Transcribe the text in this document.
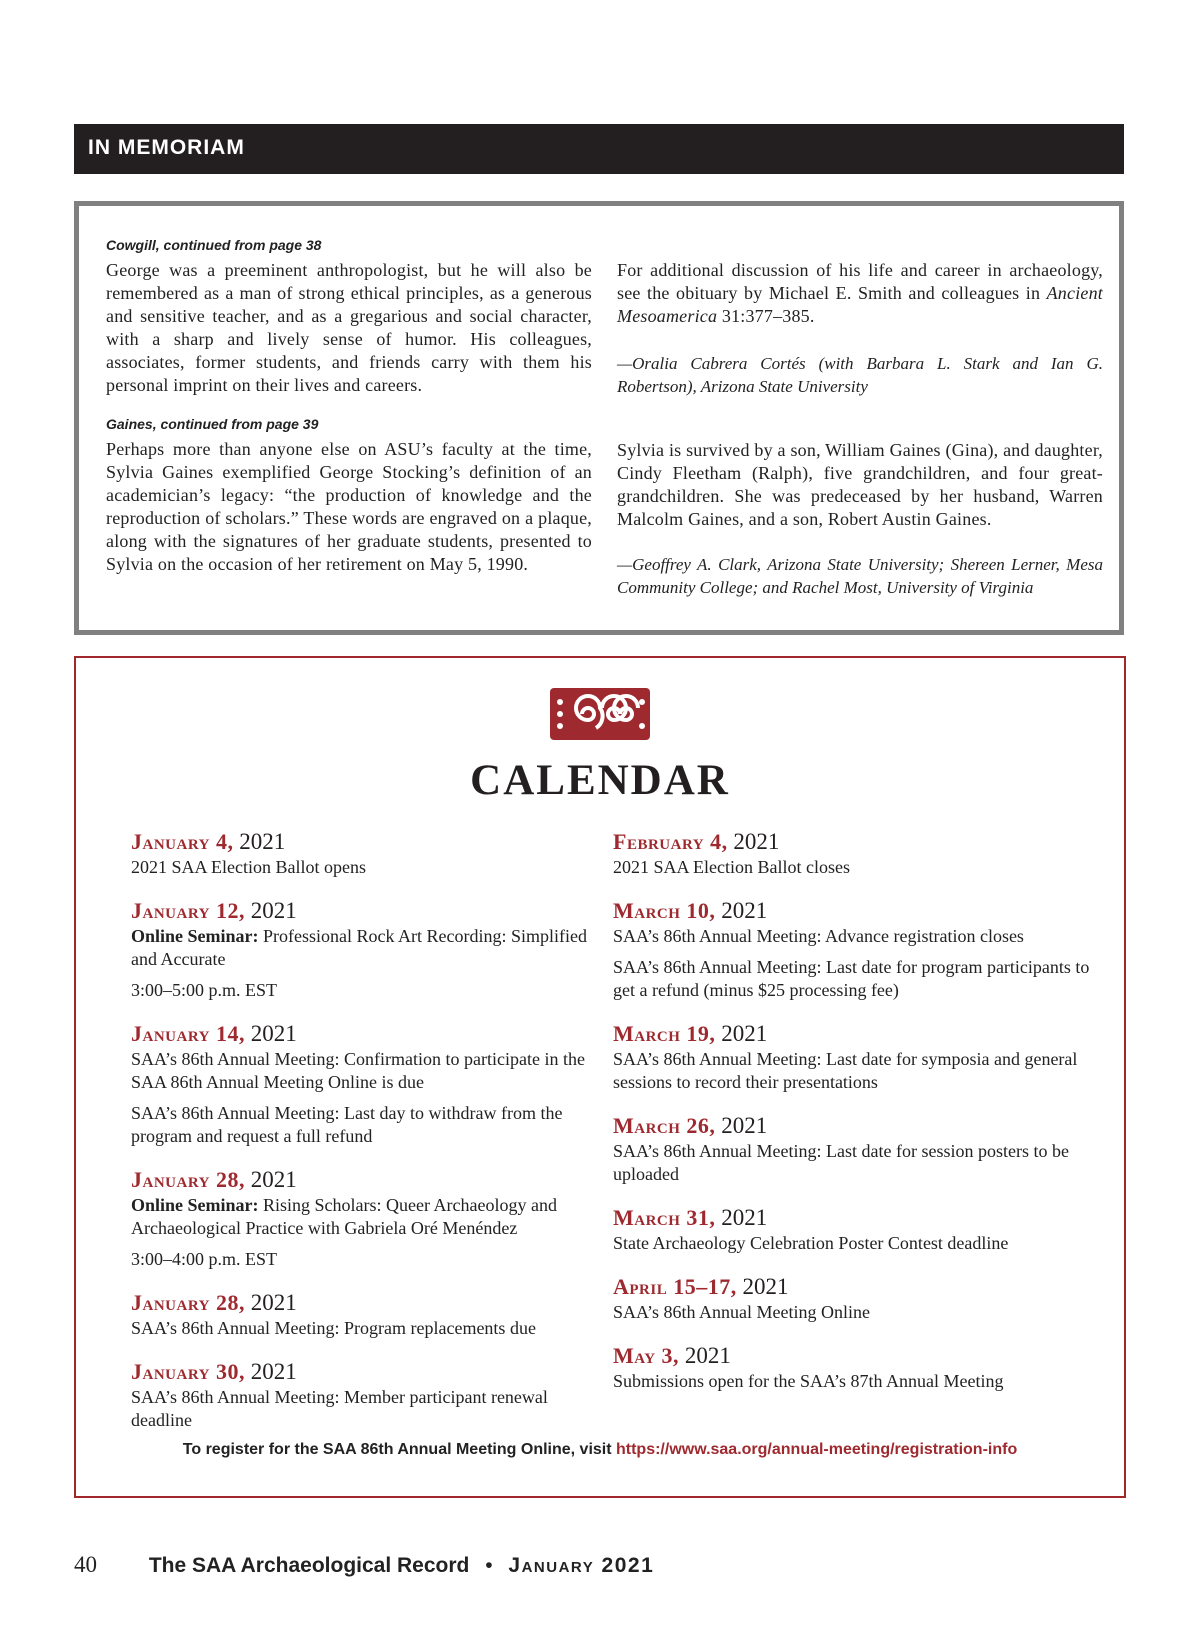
IN MEMORIAM

Cowgill, continued from page 38

George was a preeminent anthropologist, but he will also be remembered as a man of strong ethical principles, as a generous and sensitive teacher, and as a gregarious and social character, with a sharp and lively sense of humor. His colleagues, associates, former students, and friends carry with them his personal imprint on their lives and careers.

For additional discussion of his life and career in archaeology, see the obituary by Michael E. Smith and colleagues in Ancient Mesoamerica 31:377–385.

—Oralia Cabrera Cortés (with Barbara L. Stark and Ian G. Robertson), Arizona State University

Gaines, continued from page 39

Perhaps more than anyone else on ASU’s faculty at the time, Sylvia Gaines exemplified George Stocking’s definition of an academician’s legacy: “the production of knowledge and the reproduction of scholars.” These words are engraved on a plaque, along with the signatures of her graduate students, presented to Sylvia on the occasion of her retirement on May 5, 1990.

Sylvia is survived by a son, William Gaines (Gina), and daughter, Cindy Fleetham (Ralph), five grandchildren, and four great-grandchildren. She was predeceased by her husband, Warren Malcolm Gaines, and a son, Robert Austin Gaines.

—Geoffrey A. Clark, Arizona State University; Shereen Lerner, Mesa Community College; and Rachel Most, University of Virginia

CALENDAR
January 4, 2021

2021 SAA Election Ballot opens

January 12, 2021

Online Seminar: Professional Rock Art Recording: Simplified and Accurate

3:00–5:00 p.m. EST

January 14, 2021

SAA’s 86th Annual Meeting: Confirmation to participate in the SAA 86th Annual Meeting Online is due

SAA’s 86th Annual Meeting: Last day to withdraw from the program and request a full refund

January 28, 2021

Online Seminar: Rising Scholars: Queer Archaeology and Archaeological Practice with Gabriela Oré Menéndez

3:00–4:00 p.m. EST

January 28, 2021

SAA’s 86th Annual Meeting: Program replacements due

January 30, 2021

SAA’s 86th Annual Meeting: Member participant renewal deadline

February 4, 2021

2021 SAA Election Ballot closes

March 10, 2021

SAA’s 86th Annual Meeting: Advance registration closes

SAA’s 86th Annual Meeting: Last date for program participants to get a refund (minus $25 processing fee)

March 19, 2021

SAA’s 86th Annual Meeting: Last date for symposia and general sessions to record their presentations

March 26, 2021

SAA’s 86th Annual Meeting: Last date for session posters to be uploaded

March 31, 2021

State Archaeology Celebration Poster Contest deadline

April 15–17, 2021

SAA’s 86th Annual Meeting Online

May 3, 2021

Submissions open for the SAA’s 87th Annual Meeting

To register for the SAA 86th Annual Meeting Online, visit https://www.saa.org/annual-meeting/registration-info
40 The SAA Archaeological Record • January 2021
